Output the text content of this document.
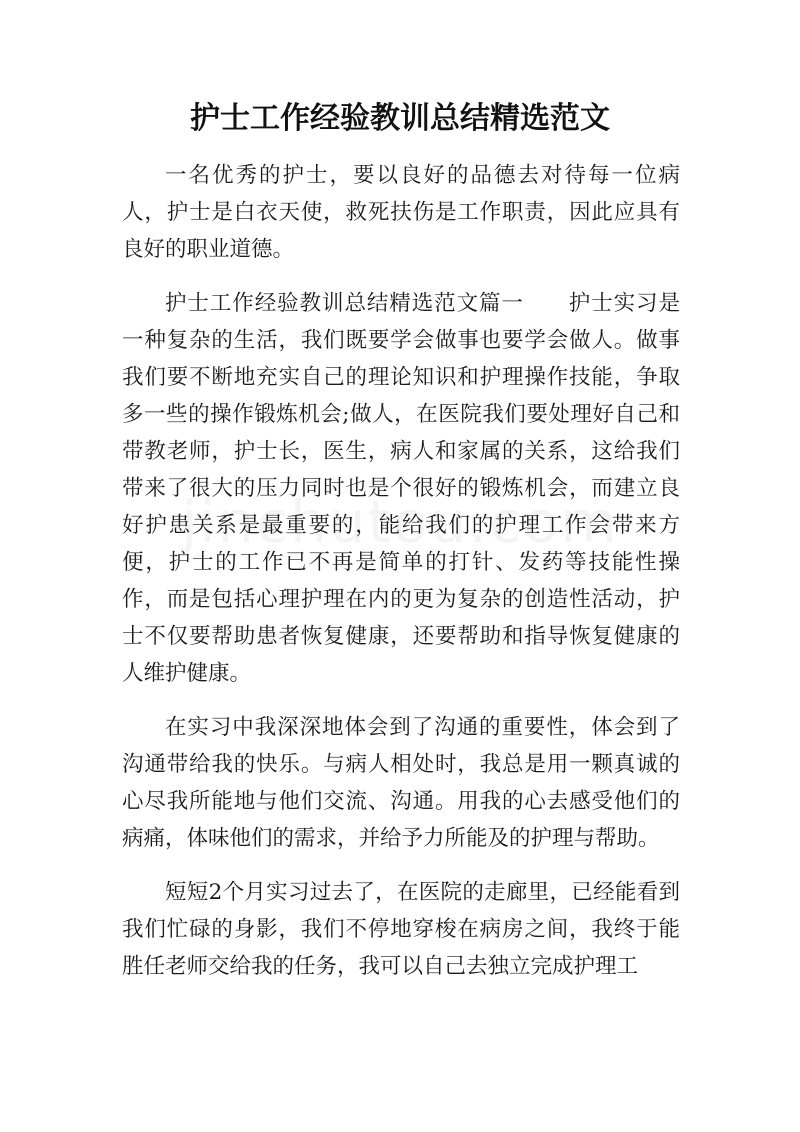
护士工作经验教训总结精选范文

一名优秀的护士，要以良好的品德去对待每一位病人，护士是白衣天使，救死扶伤是工作职责，因此应具有良好的职业道德。

护士工作经验教训总结精选范文篇一　　护士实习是一种复杂的生活，我们既要学会做事也要学会做人。做事我们要不断地充实自己的理论知识和护理操作技能，争取多一些的操作锻炼机会;做人，在医院我们要处理好自己和带教老师，护士长，医生，病人和家属的关系，这给我们带来了很大的压力同时也是个很好的锻炼机会，而建立良好护患关系是最重要的，能给我们的护理工作会带来方便，护士的工作已不再是简单的打针、发药等技能性操作，而是包括心理护理在内的更为复杂的创造性活动，护士不仅要帮助患者恢复健康，还要帮助和指导恢复健康的人维护健康。

在实习中我深深地体会到了沟通的重要性，体会到了沟通带给我的快乐。与病人相处时，我总是用一颗真诚的心尽我所能地与他们交流、沟通。用我的心去感受他们的病痛，体味他们的需求，并给予力所能及的护理与帮助。

短短2个月实习过去了，在医院的走廊里，已经能看到我们忙碌的身影，我们不停地穿梭在病房之间，我终于能胜任老师交给我的任务，我可以自己去独立完成护理工
